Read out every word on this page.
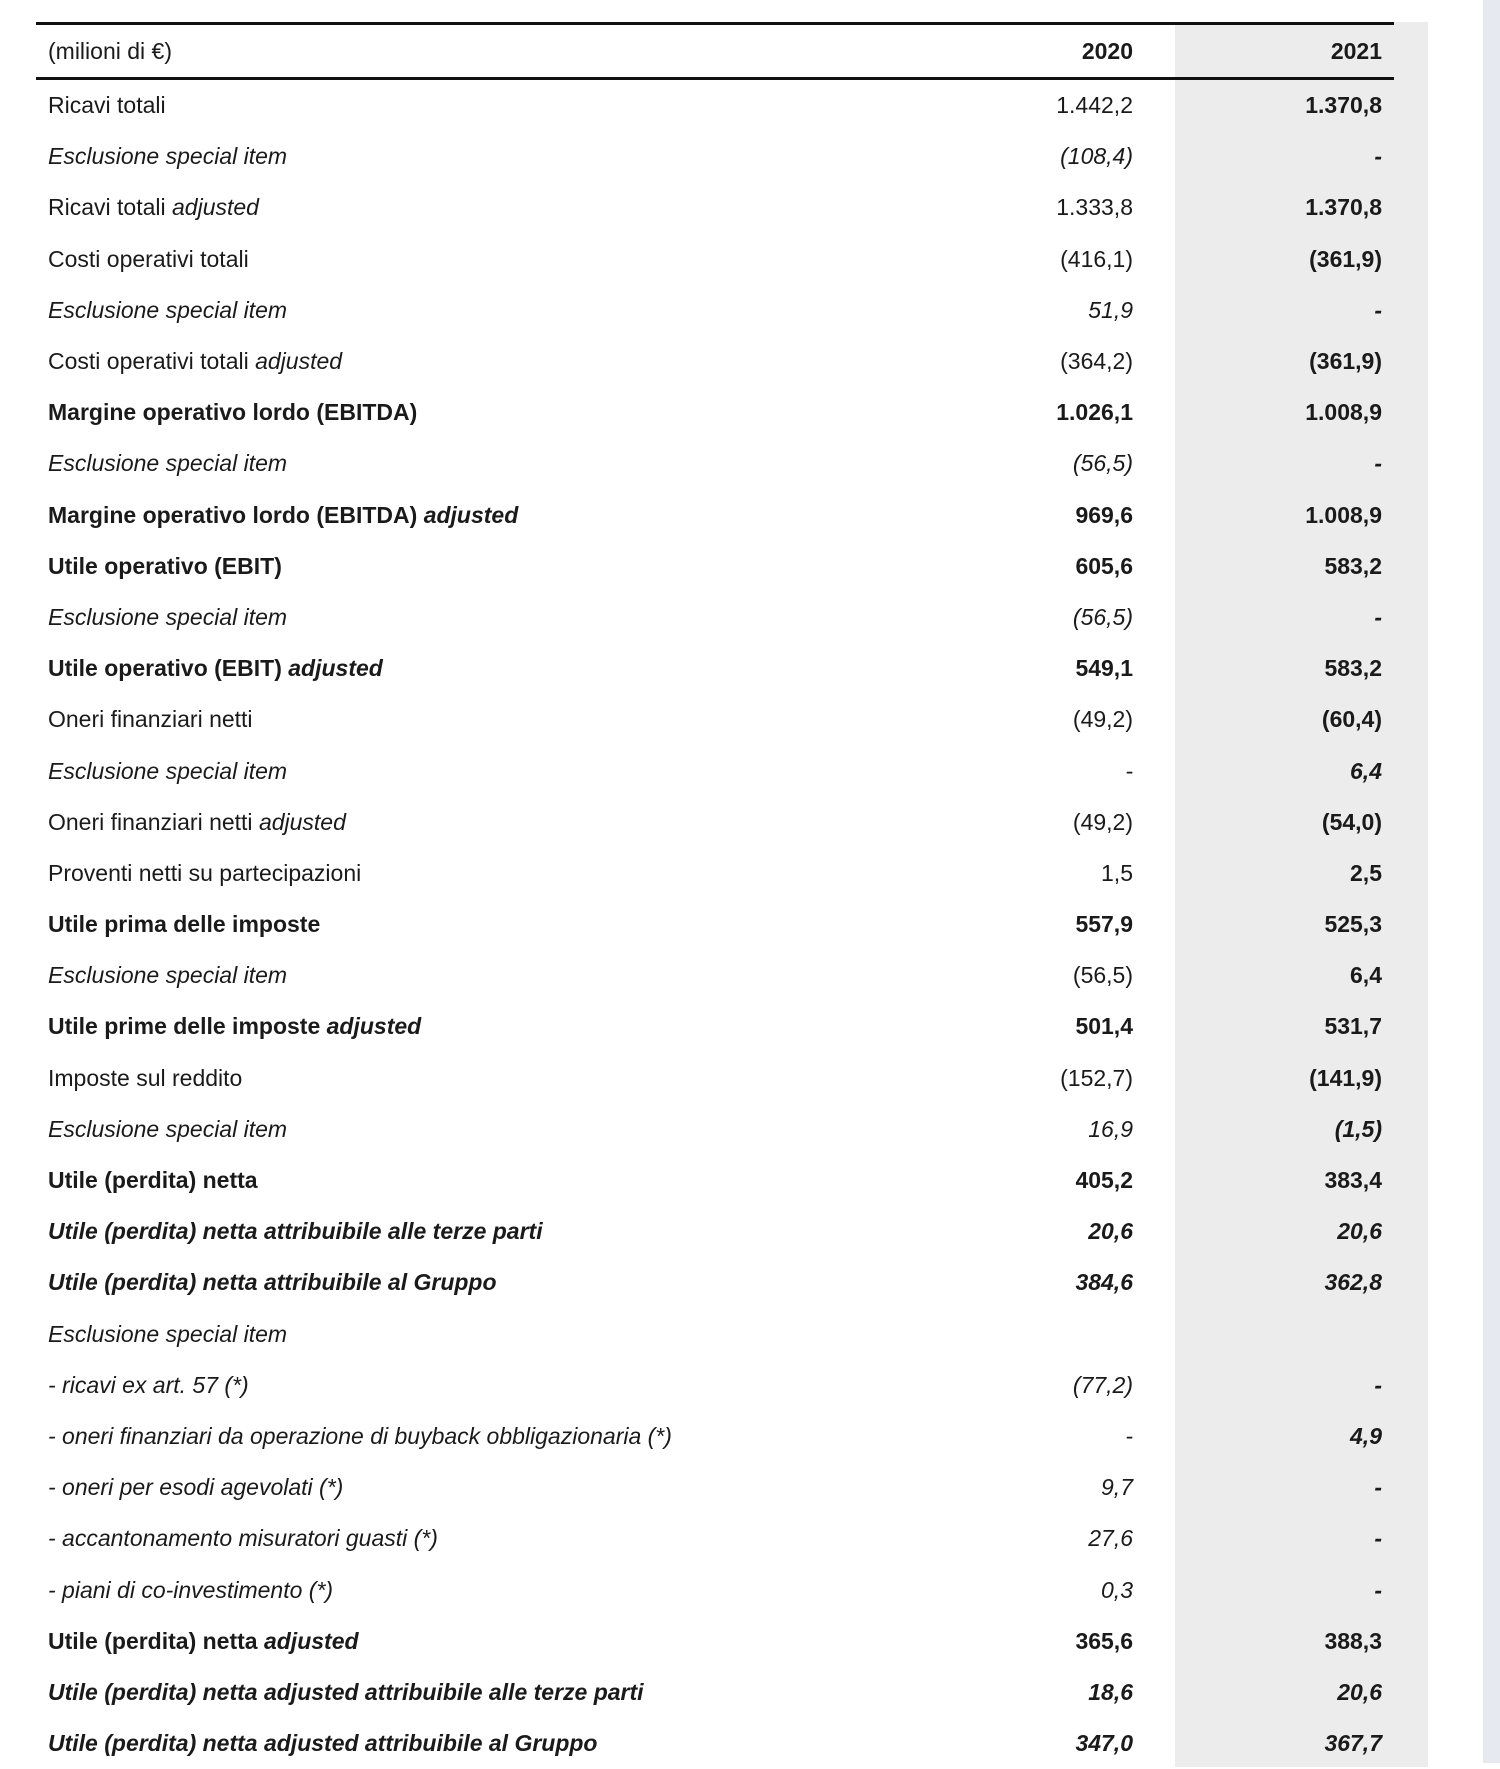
(milioni di €)	2020		2021
Ricavi totali	1.442,2		1.370,8
Esclusione special item	(108,4)		-
Ricavi totali adjusted	1.333,8		1.370,8
Costi operativi totali	(416,1)		(361,9)
Esclusione special item	51,9		-
Costi operativi totali adjusted	(364,2)		(361,9)
Margine operativo lordo (EBITDA)	1.026,1		1.008,9
Esclusione special item	(56,5)		-
Margine operativo lordo (EBITDA) adjusted	969,6		1.008,9
Utile operativo (EBIT)	605,6		583,2
Esclusione special item	(56,5)		-
Utile operativo (EBIT) adjusted	549,1		583,2
Oneri finanziari netti	(49,2)		(60,4)
Esclusione special item	-		6,4
Oneri finanziari netti adjusted	(49,2)		(54,0)
Proventi netti su partecipazioni	1,5		2,5
Utile prima delle imposte	557,9		525,3
Esclusione special item	(56,5)		6,4
Utile prime delle imposte adjusted	501,4		531,7
Imposte sul reddito	(152,7)		(141,9)
Esclusione special item	16,9		(1,5)
Utile (perdita) netta	405,2		383,4
Utile (perdita) netta attribuibile alle terze parti	20,6		20,6
Utile (perdita) netta attribuibile al Gruppo	384,6		362,8
Esclusione special item			
- ricavi ex art. 57 (*)	(77,2)		-
- oneri finanziari da operazione di buyback obbligazionaria (*)	-		4,9
- oneri per esodi agevolati (*)	9,7		-
- accantonamento misuratori guasti (*)	27,6		-
- piani di co-investimento (*)	0,3		-
Utile (perdita) netta adjusted	365,6		388,3
Utile (perdita) netta adjusted attribuibile alle terze parti	18,6		20,6
Utile (perdita) netta adjusted attribuibile al Gruppo	347,0		367,7
